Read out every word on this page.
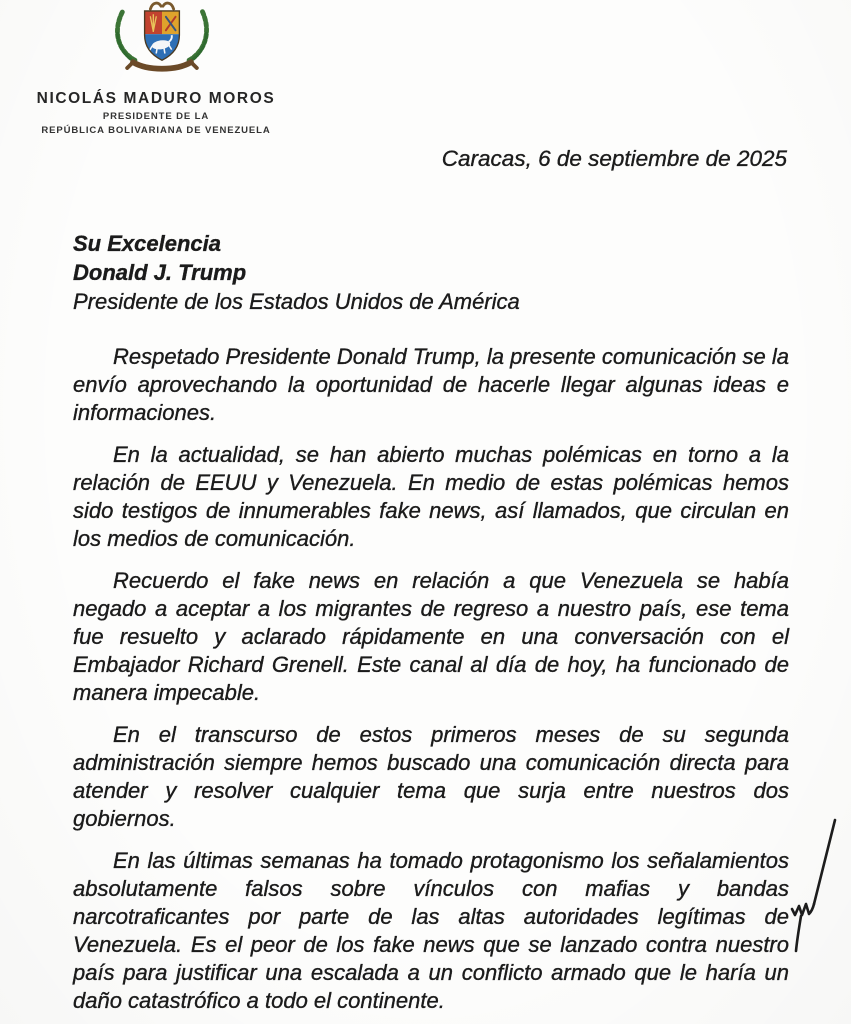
NICOLÁS MADURO MOROS
PRESIDENTE DE LA
REPÚBLICA BOLIVARIANA DE VENEZUELA
Caracas, 6 de septiembre de 2025
Su Excelencia
Donald J. Trump
Presidente de los Estados Unidos de América

Respetado Presidente Donald Trump, la presente comunicación se la envío aprovechando la oportunidad de hacerle llegar algunas ideas e informaciones.

En la actualidad, se han abierto muchas polémicas en torno a la relación de EEUU y Venezuela. En medio de estas polémicas hemos sido testigos de innumerables fake news, así llamados, que circulan en los medios de comunicación.

Recuerdo el fake news en relación a que Venezuela se había negado a aceptar a los migrantes de regreso a nuestro país, ese tema fue resuelto y aclarado rápidamente en una conversación con el Embajador Richard Grenell. Este canal al día de hoy, ha funcionado de manera impecable.

En el transcurso de estos primeros meses de su segunda administración siempre hemos buscado una comunicación directa para atender y resolver cualquier tema que surja entre nuestros dos gobiernos.

En las últimas semanas ha tomado protagonismo los señalamientos absolutamente falsos sobre vínculos con mafias y bandas narcotraficantes por parte de las altas autoridades legítimas de Venezuela. Es el peor de los fake news que se lanzado contra nuestro país para justificar una escalada a un conflicto armado que le haría un daño catastrófico a todo el continente.
